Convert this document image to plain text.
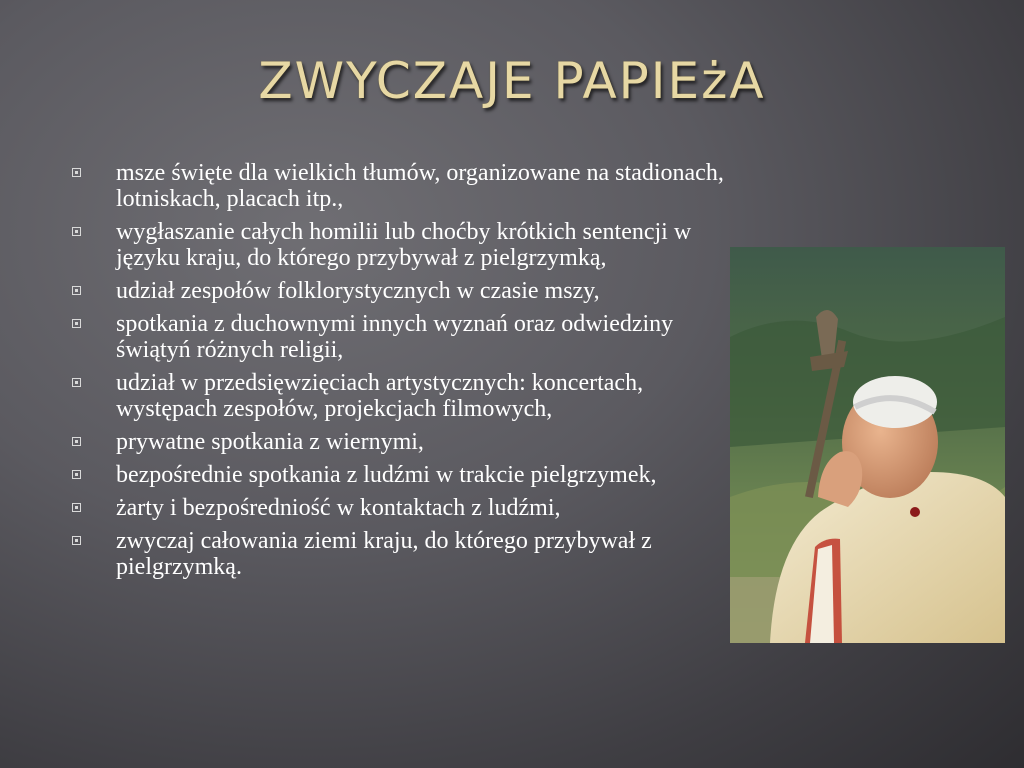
ZWYCZAJE PAPIEżA
msze święte dla wielkich tłumów, organizowane na stadionach, lotniskach, placach itp.,
wygłaszanie całych homilii lub choćby krótkich sentencji w języku kraju, do którego przybywał z pielgrzymką,
udział zespołów folklorystycznych w czasie mszy,
spotkania z duchownymi innych wyznań oraz odwiedziny świątyń różnych religii,
udział w przedsięwzięciach artystycznych: koncertach, występach zespołów, projekcjach filmowych,
prywatne spotkania z wiernymi,
bezpośrednie spotkania z ludźmi w trakcie pielgrzymek,
żarty i bezpośredniość w kontaktach z ludźmi,
zwyczaj całowania ziemi kraju, do którego przybywał z pielgrzymką.
